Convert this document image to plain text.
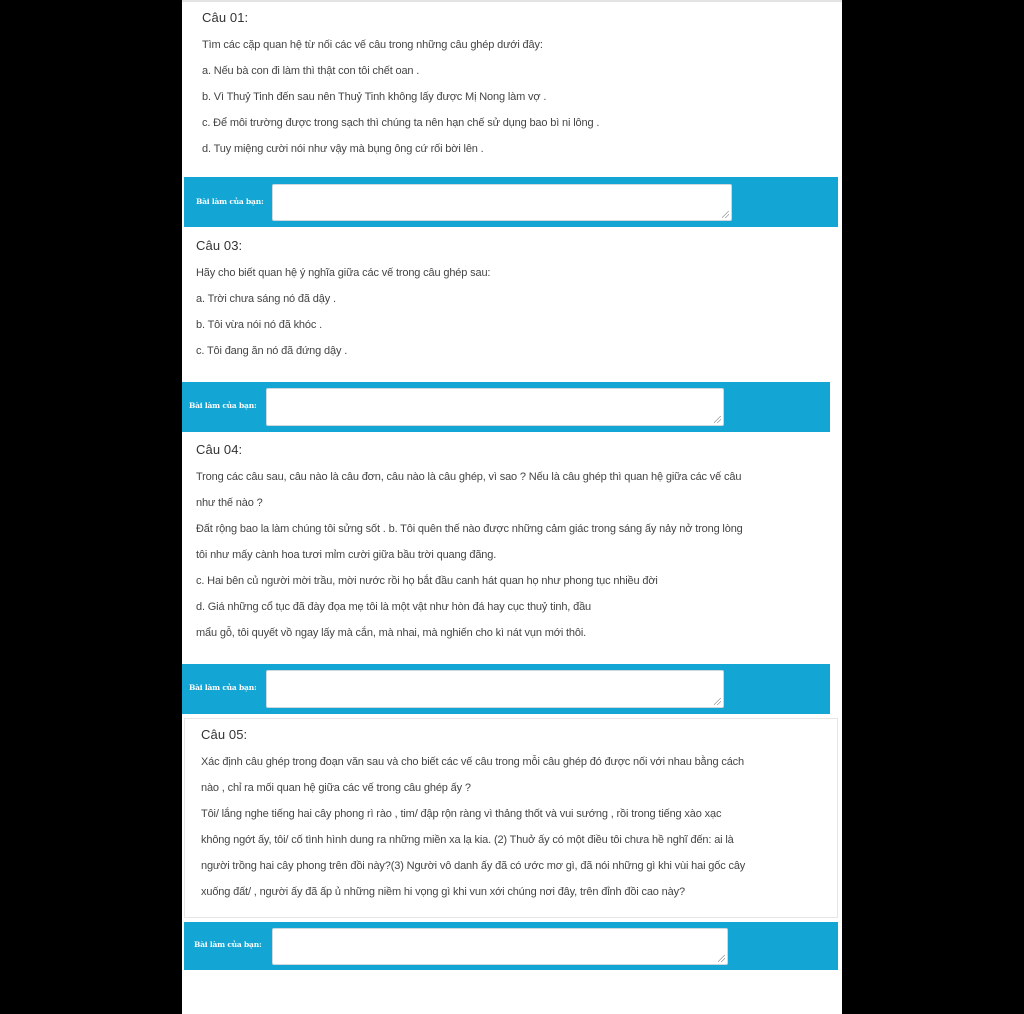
Câu 01:
Tìm các cặp quan hệ từ nối các vế câu trong những câu ghép dưới đây:
a. Nếu bà con đi làm thì thật con tôi chết oan .
b. Vì Thuỷ Tinh đến sau nên Thuỷ Tinh không lấy được Mị Nong làm vợ .
c. Để môi trường được trong sạch thì chúng ta nên hạn chế sử dụng bao bì ni lông .
d. Tuy miệng cười nói như vậy mà bụng ông cứ rối bời lên .
Bài làm của bạn:
Câu 03:
Hãy cho biết quan hệ ý nghĩa giữa các vế trong câu ghép sau:
a. Trời chưa sáng nó đã dậy .
b. Tôi vừa nói nó đã khóc .
c. Tôi đang ăn nó đã đứng dậy .
Bài làm của bạn:
Câu 04:
Trong các câu sau, câu nào là câu đơn, câu nào là câu ghép, vì sao ? Nếu là câu ghép thì quan hệ giữa các vế câu
như thế nào ?
Đất rộng bao la làm chúng tôi sửng sốt . b. Tôi quên thế nào được những cảm giác trong sáng ấy nảy nở trong lòng
tôi như mấy cành hoa tươi mỉm cười giữa bầu trời quang đãng.
c. Hai bên củ người mời trầu, mời nước rồi họ bắt đầu canh hát quan họ như phong tục nhiều đời
d. Giá những cổ tục đã đày đọa mẹ tôi là một vật như hòn đá hay cục thuỷ tinh, đầu
mẩu gỗ, tôi quyết vồ ngay lấy mà cắn, mà nhai, mà nghiến cho kì nát vụn mới thôi.
Bài làm của bạn:
Câu 05:
Xác định câu ghép trong đoạn văn sau và cho biết các vế câu trong mỗi câu ghép đó được nối với nhau bằng cách
nào , chỉ ra mối quan hệ giữa các vế trong câu ghép ấy ?
Tôi/ lắng nghe tiếng hai cây phong rì rào , tim/ đập rộn ràng vì thảng thốt và vui sướng , rồi trong tiếng xào xạc
không ngớt ấy, tôi/ cố tình hình dung ra những miền xa lạ kia. (2) Thuở ấy có một điều tôi chưa hề nghĩ đến: ai là
người trồng hai cây phong trên đồi này?(3) Người vô danh ấy đã có ước mơ gì, đã nói những gì khi vùi hai gốc cây
xuống đất/ , người ấy đã ấp ủ những niềm hi vọng gì khi vun xới chúng nơi đây, trên đỉnh đồi cao này?
Bài làm của bạn:
